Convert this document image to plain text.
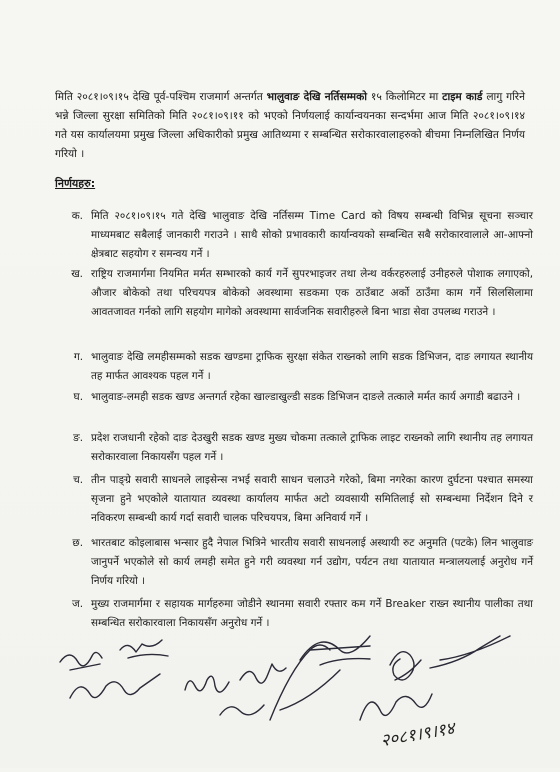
मिति २०८१।०९।१५ देखि पूर्व-पश्चिम राजमार्ग अन्तर्गत भालुवाङ देखि नर्तिसम्मको १५ किलोमिटर मा टाइम कार्ड लागु गरिने भन्ने जिल्ला सुरक्षा समितिको मिति २०८१।०९।११ को भएको निर्णयलाई कार्यान्वयनका सन्दर्भमा आज मिति २०८१।०९।१४ गते यस कार्यालयमा प्रमुख जिल्ला अधिकारीको प्रमुख आतिथ्यमा र सम्बन्धित सरोकारवालाहरुको बीचमा निम्नलिखित निर्णय गरियो ।
निर्णयहरु:
क. मिति २०८१।०९।१५ गते देखि भालुवाङ देखि नर्तिसम्म Time Card को विषय सम्बन्धी विभिन्न सूचना सञ्चार माध्यमबाट सबैलाई जानकारी गराउने । साथै सोको प्रभावकारी कार्यान्वयको सम्बन्धित सबै सरोकारवालाले आ-आफ्नो क्षेत्रबाट सहयोग र समन्वय गर्ने ।
ख. राष्ट्रिय राजमार्गमा नियमित मर्मत सम्भारको कार्य गर्ने सुपरभाइजर तथा लेन्थ वर्करहरुलाई उनीहरुले पोशाक लगाएको, औजार बोकेको तथा परिचयपत्र बोकेको अवस्थामा सडकमा एक ठाउँबाट अर्को ठाउँमा काम गर्ने सिलसिलामा आवतजावत गर्नको लागि सहयोग मागेको अवस्थामा सार्वजनिक सवारीहरुले बिना भाडा सेवा उपलब्ध गराउने ।
ग. भालुवाङ देखि लमहीसम्मको सडक खण्डमा ट्राफिक सुरक्षा संकेत राख्नको लागि सडक डिभिजन, दाङ लगायत स्थानीय तह मार्फत आवश्यक पहल गर्ने ।
घ. भालुवाङ-लमही सडक खण्ड अन्तगर्त रहेका खाल्डाखुल्डी सडक डिभिजन दाङले तत्काले मर्मत कार्य अगाडी बढाउने ।
ङ. प्रदेश राजधानी रहेको दाङ देउखुरी सडक खण्ड मुख्य चोकमा तत्काले ट्राफिक लाइट राख्नको लागि स्थानीय तह लगायत सरोकारवाला निकायसँग पहल गर्ने ।
च. तीन पाङ्ग्रे सवारी साधनले लाइसेन्स नभई सवारी साधन चलाउने गरेको, बिमा नगरेका कारण दुर्घटना पश्चात समस्या सृजना हुने भएकोले यातायात व्यवस्था कार्यालय मार्फत अटो व्यवसायी समितिलाई सो सम्बन्धमा निर्देशन दिने र नविकरण सम्बन्धी कार्य गर्दा सवारी चालक परिचयपत्र, बिमा अनिवार्य गर्ने ।
छ. भारतबाट कोइलाबास भन्सार हुदै नेपाल भित्रिने भारतीय सवारी साधनलाई अस्थायी रुट अनुमति (पटके) लिन भालुवाङ जानुपर्ने भएकोले सो कार्य लमही समेत हुने गरी व्यवस्था गर्न उद्योग, पर्यटन तथा यातायात मन्त्रालयलाई अनुरोध गर्ने निर्णय गरियो ।
ज. मुख्य राजमार्गमा र सहायक मार्गहरुमा जोडीने स्थानमा सवारी रफ्तार कम गर्ने Breaker राख्न स्थानीय पालीका तथा सम्बन्धित सरोकारवाला निकायसँग अनुरोध गर्ने ।
२०८१।९।१४
